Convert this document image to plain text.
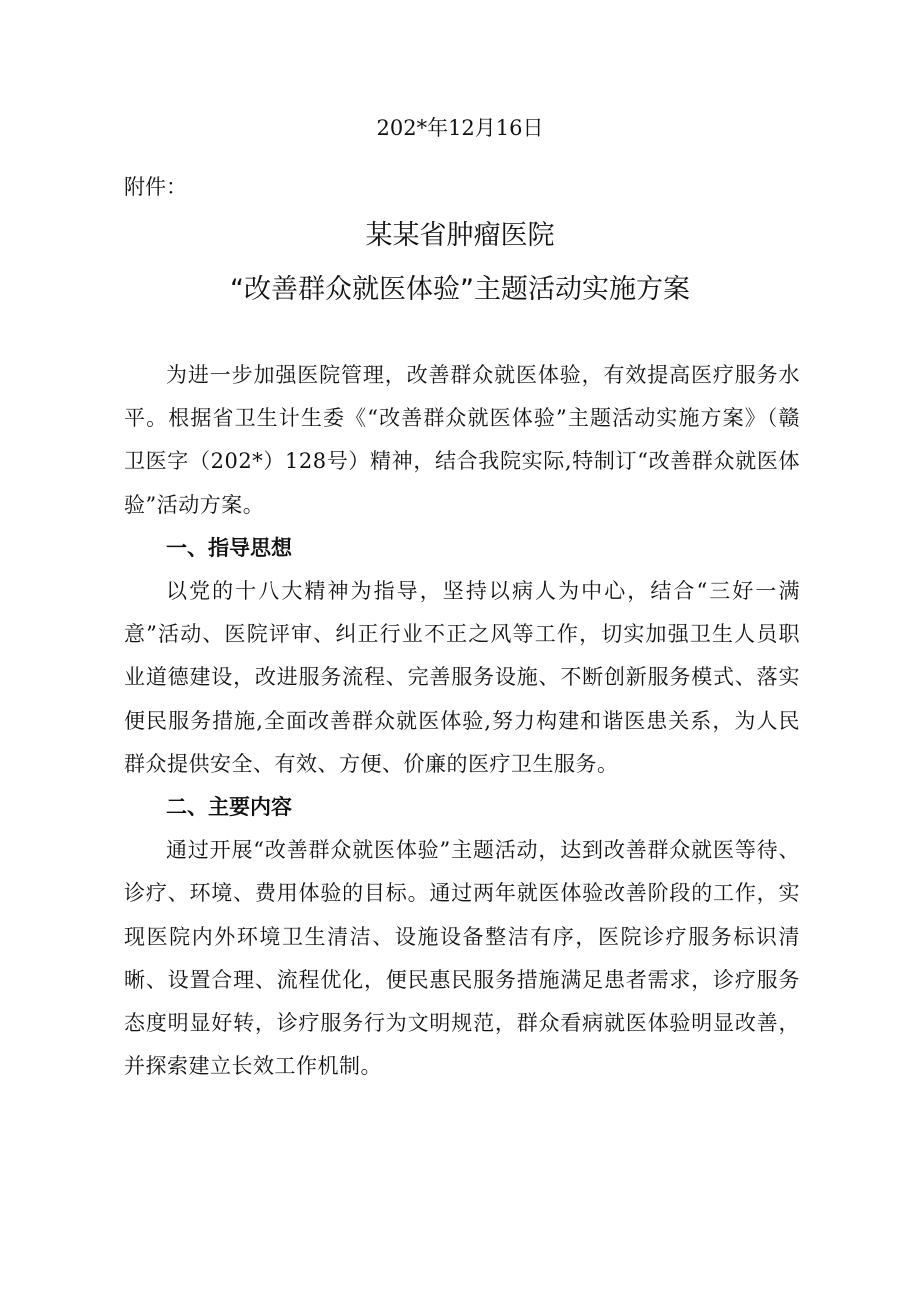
202*年12月16日
附件：
某某省肿瘤医院
“改善群众就医体验”主题活动实施方案

为进一步加强医院管理，改善群众就医体验，有效提高医疗服务水平。根据省卫生计生委《“改善群众就医体验”主题活动实施方案》（赣卫医字（202*）128号）精神，结合我院实际,特制订“改善群众就医体验”活动方案。

一、指导思想

以党的十八大精神为指导，坚持以病人为中心，结合“三好一满意”活动、医院评审、纠正行业不正之风等工作，切实加强卫生人员职业道德建设，改进服务流程、完善服务设施、不断创新服务模式、落实便民服务措施,全面改善群众就医体验,努力构建和谐医患关系，为人民群众提供安全、有效、方便、价廉的医疗卫生服务。

二、主要内容

通过开展“改善群众就医体验”主题活动，达到改善群众就医等待、诊疗、环境、费用体验的目标。通过两年就医体验改善阶段的工作，实现医院内外环境卫生清洁、设施设备整洁有序，医院诊疗服务标识清晰、设置合理、流程优化，便民惠民服务措施满足患者需求，诊疗服务态度明显好转，诊疗服务行为文明规范，群众看病就医体验明显改善，并探索建立长效工作机制。
